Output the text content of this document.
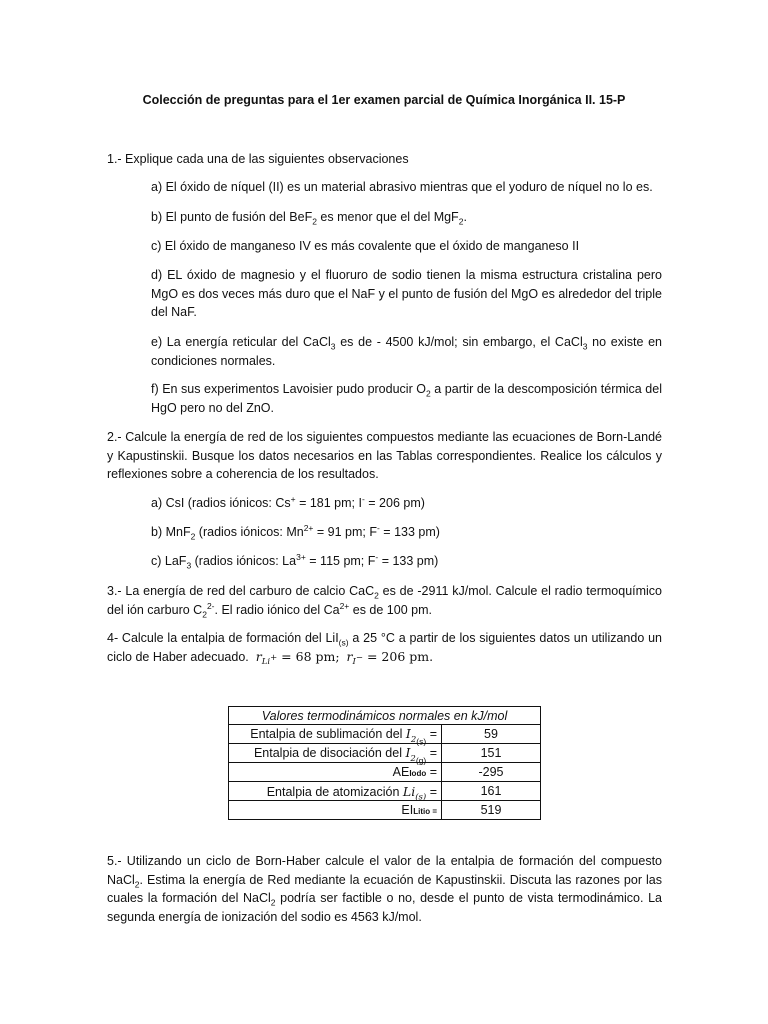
Colección de preguntas para el 1er examen parcial de Química Inorgánica II. 15-P
1.- Explique cada una de las siguientes observaciones
a) El óxido de níquel (II) es un material abrasivo mientras que el yoduro de níquel no lo es.
b) El punto de fusión del BeF$_2$ es menor que el del MgF$_2$.
c) El óxido de manganeso IV es más covalente que el óxido de manganeso II
d) EL óxido de magnesio y el fluoruro de sodio tienen la misma estructura cristalina pero MgO es dos veces más duro que el NaF y el punto de fusión del MgO es alrededor del triple del NaF.
e) La energía reticular del CaCl$_3$ es de - 4500 kJ/mol; sin embargo, el CaCl$_3$ no existe en condiciones normales.
f) En sus experimentos Lavoisier pudo producir $O_2$ a partir de la descomposición térmica del HgO pero no del ZnO.
2.- Calcule la energía de red de los siguientes compuestos mediante las ecuaciones de Born-Landé y Kapustinskii. Busque los datos necesarios en las Tablas correspondientes. Realice los cálculos y reflexiones sobre a coherencia de los resultados.
a) CsI (radios iónicos: Cs+ = 181 pm; I- = 206 pm)
b) MnF$_2$ (radios iónicos: $Mn^{2+} = 91$ pm; F- = 133 pm)
c) LaF$_3$ (radios iónicos: $La^{3+} = 115$ pm; F- = 133 pm)
3.- La energía de red del carburo de calcio CaC$_2$ es de -2911 kJ/mol. Calcule el radio termoquímico del ión carburo $C_2^{2-}$. El radio iónico del $Ca^{2+}$ es de 100 pm.
4- Calcule la entalpia de formación del LiI$_{(s)}$ a 25 °C a partir de los siguientes datos un utilizando un ciclo de Haber adecuado. $r_{Li^+} = 68$ pm; $r_{I^-} = 206$ pm.
Valores termodinámicos normales en kJ/mol	
Entalpia de sublimación del $I_{2_{(s)}}$ =	59
Entalpia de disociación del $I_{2_{(g)}}$ =	151
AEIodo =	-295
Entalpia de atomización $Li_{(s)}$ =	161
EILitio =	519
5.- Utilizando un ciclo de Born-Haber calcule el valor de la entalpia de formación del compuesto NaCl$_2$. Estima la energía de Red mediante la ecuación de Kapustinskii. Discuta las razones por las cuales la formación del NaCl$_2$ podría ser factible o no, desde el punto de vista termodinámico. La segunda energía de ionización del sodio es 4563 kJ/mol.
